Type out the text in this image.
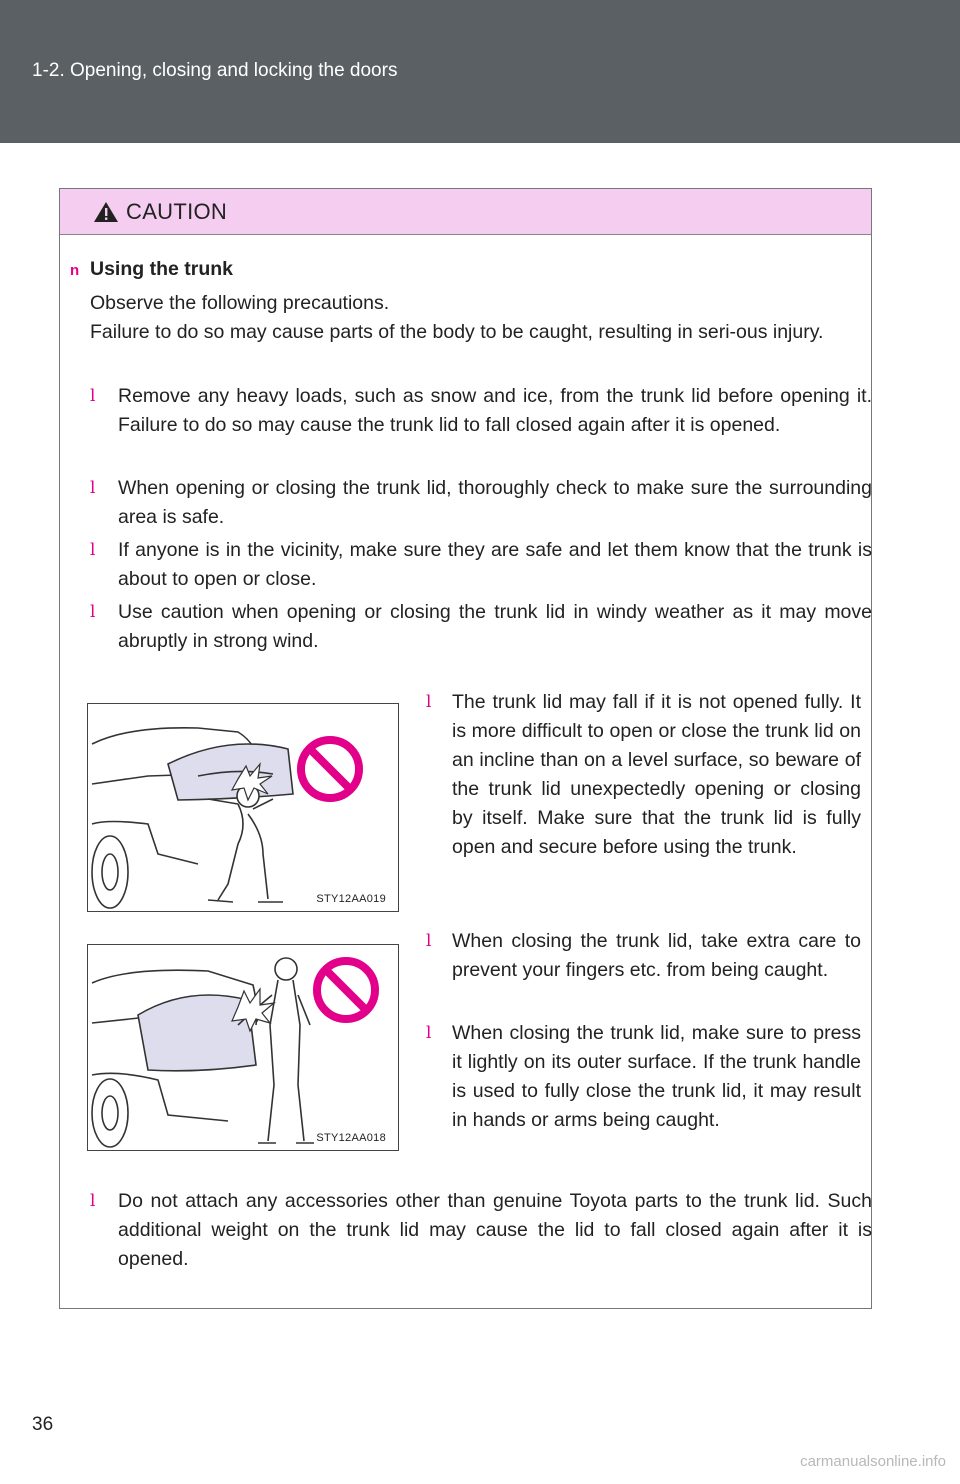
1-2. Opening, closing and locking the doors
CAUTION
n Using the trunk
Observe the following precautions.
Failure to do so may cause parts of the body to be caught, resulting in seri-ous injury.
l Remove any heavy loads, such as snow and ice, from the trunk lid before opening it. Failure to do so may cause the trunk lid to fall closed again after it is opened.
l When opening or closing the trunk lid, thoroughly check to make sure the surrounding area is safe.
l If anyone is in the vicinity, make sure they are safe and let them know that the trunk is about to open or close.
l Use caution when opening or closing the trunk lid in windy weather as it may move abruptly in strong wind.
l The trunk lid may fall if it is not opened fully. It is more difficult to open or close the trunk lid on an incline than on a level surface, so beware of the trunk lid unexpectedly opening or closing by itself. Make sure that the trunk lid is fully open and secure before using the trunk.
l When closing the trunk lid, take extra care to prevent your fingers etc. from being caught.
l When closing the trunk lid, make sure to press it lightly on its outer surface. If the trunk handle is used to fully close the trunk lid, it may result in hands or arms being caught.
l Do not attach any accessories other than genuine Toyota parts to the trunk lid. Such additional weight on the trunk lid may cause the lid to fall closed again after it is opened.
STY12AA019
STY12AA018
36
carmanualsonline.info
